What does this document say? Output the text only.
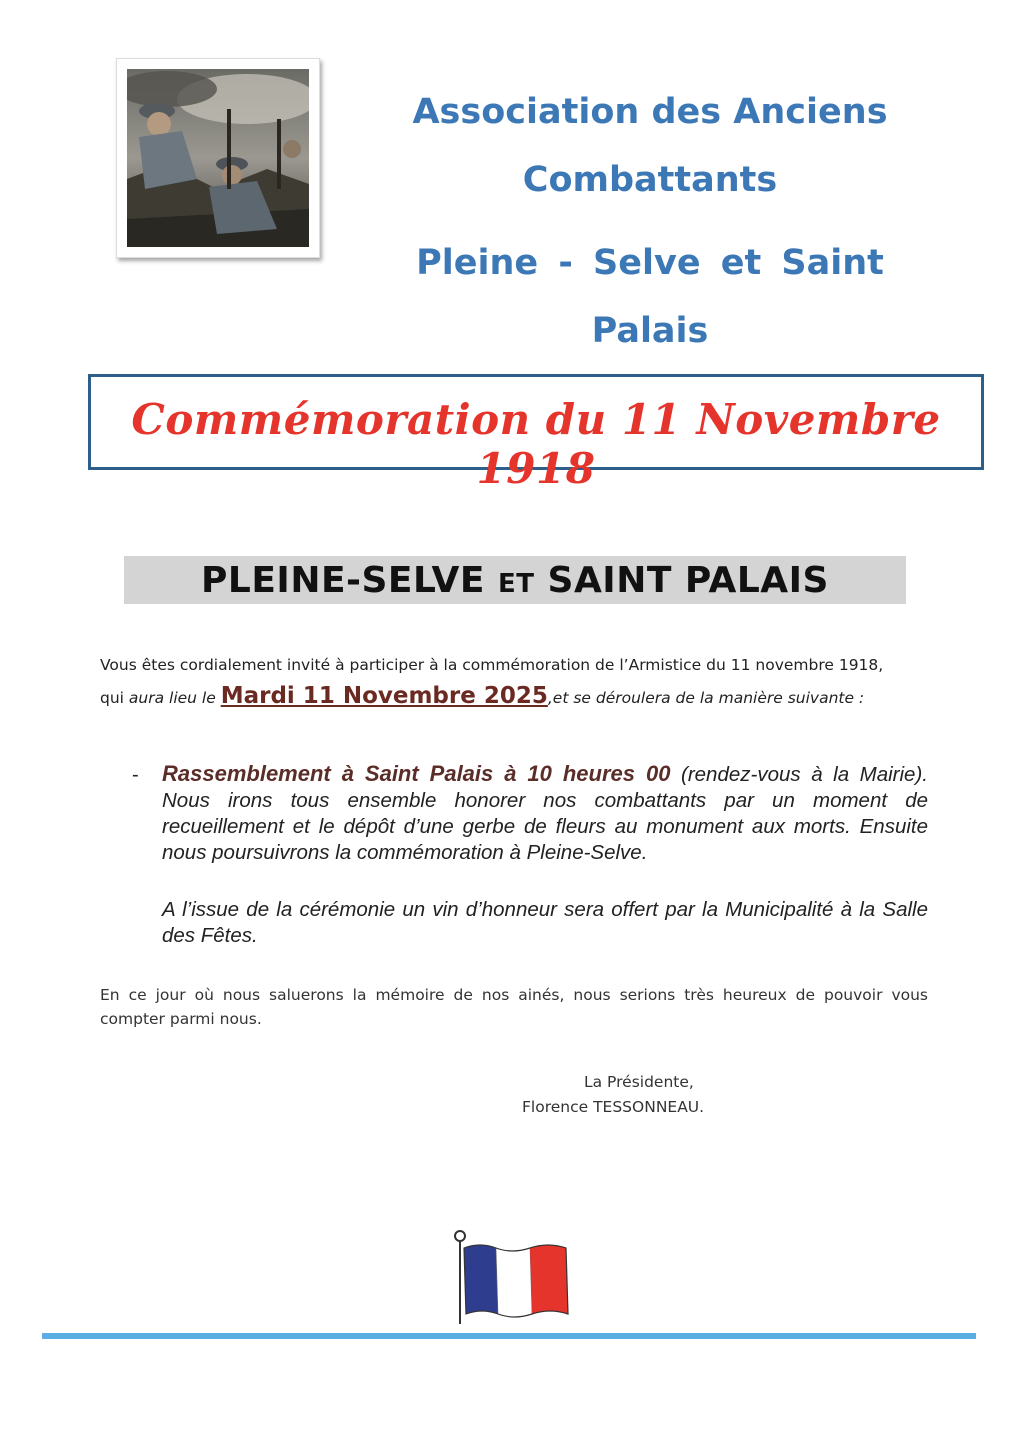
Association des Anciens
Combattants
Pleine - Selve et Saint
Palais
Commémoration du 11 Novembre 1918
PLEINE-SELVE ET SAINT PALAIS
Vous êtes cordialement invité à participer à la commémoration de l’Armistice du 11 novembre 1918,
qui aura lieu le Mardi 11 Novembre 2025,et se déroulera de la manière suivante :
- Rassemblement à Saint Palais à 10 heures 00 (rendez-vous à la Mairie). Nous irons tous ensemble honorer nos combattants par un moment de recueillement et le dépôt d’une gerbe de fleurs au monument aux morts. Ensuite nous poursuivrons la commémoration à Pleine-Selve.
A l’issue de la cérémonie un vin d’honneur sera offert par la Municipalité à la Salle des Fêtes.
En ce jour où nous saluerons la mémoire de nos ainés, nous serions très heureux de pouvoir vous compter parmi nous.
La Présidente,
Florence TESSONNEAU.
